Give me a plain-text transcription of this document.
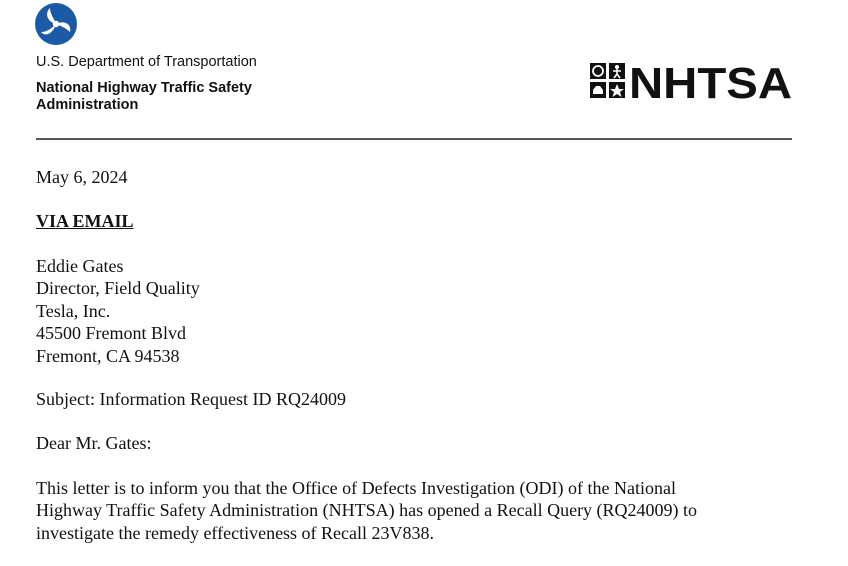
U.S. Department of Transportation
National Highway Traffic Safety
Administration	NHTSA
May 6, 2024
VIA EMAIL
Eddie Gates
Director, Field Quality
Tesla, Inc.
45500 Fremont Blvd
Fremont, CA 94538
Subject: Information Request ID RQ24009
Dear Mr. Gates:
This letter is to inform you that the Office of Defects Investigation (ODI) of the National
Highway Traffic Safety Administration (NHTSA) has opened a Recall Query (RQ24009) to
investigate the remedy effectiveness of Recall 23V838.
